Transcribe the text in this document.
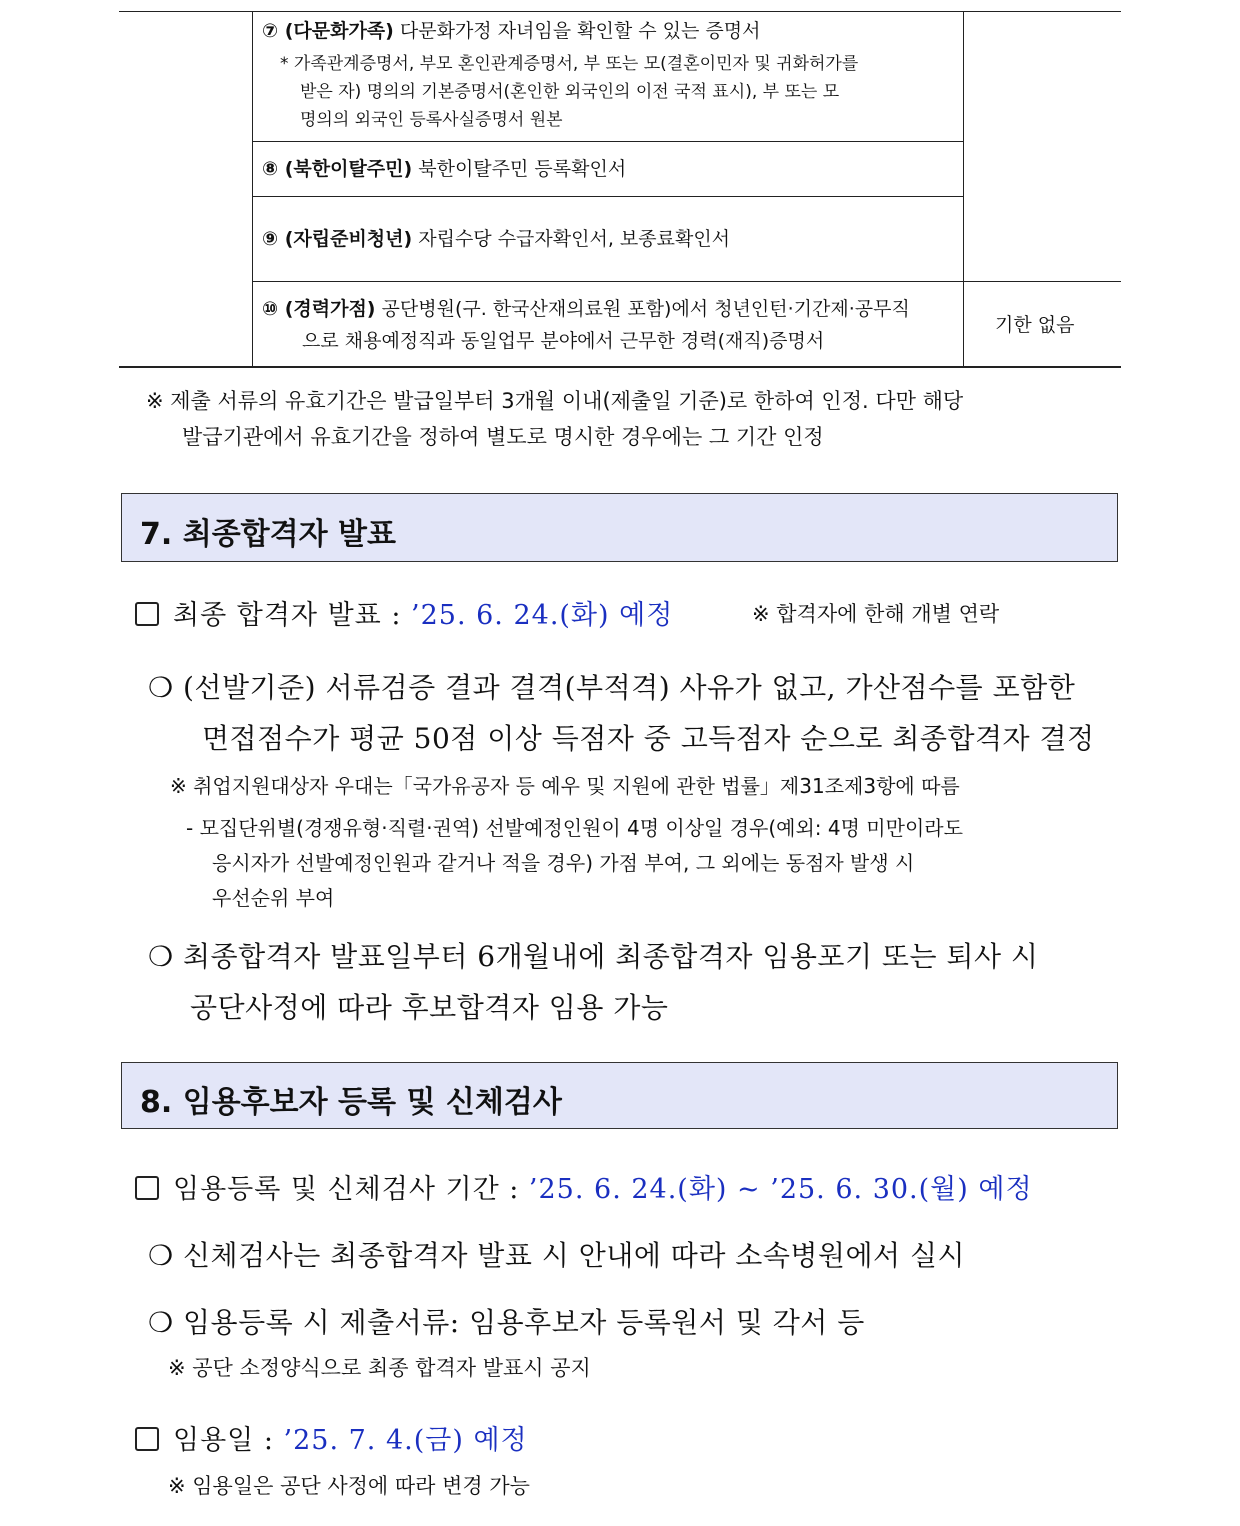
⑦ (다문화가족) 다문화가정 자녀임을 확인할 수 있는 증명서
* 가족관계증명서, 부모 혼인관계증명서, 부 또는 모(결혼이민자 및 귀화허가를
받은 자) 명의의 기본증명서(혼인한 외국인의 이전 국적 표시), 부 또는 모
명의의 외국인 등록사실증명서 원본
⑧ (북한이탈주민) 북한이탈주민 등록확인서
⑨ (자립준비청년) 자립수당 수급자확인서, 보종료확인서
⑩ (경력가점) 공단병원(구. 한국산재의료원 포함)에서 청년인턴·기간제·공무직
으로 채용예정직과 동일업무 분야에서 근무한 경력(재직)증명서
기한 없음
※ 제출 서류의 유효기간은 발급일부터 3개월 이내(제출일 기준)로 한하여 인정. 다만 해당
발급기관에서 유효기간을 정하여 별도로 명시한 경우에는 그 기간 인정
7. 최종합격자 발표
최종 합격자 발표 : ’25. 6. 24.(화) 예정	※ 합격자에 한해 개별 연락
❍ (선발기준) 서류검증 결과 결격(부적격) 사유가 없고, 가산점수를 포함한
면접점수가 평균 50점 이상 득점자 중 고득점자 순으로 최종합격자 결정
※ 취업지원대상자 우대는「국가유공자 등 예우 및 지원에 관한 법률」제31조제3항에 따름
- 모집단위별(경쟁유형·직렬·권역) 선발예정인원이 4명 이상일 경우(예외: 4명 미만이라도
응시자가 선발예정인원과 같거나 적을 경우) 가점 부여, 그 외에는 동점자 발생 시
우선순위 부여
❍ 최종합격자 발표일부터 6개월내에 최종합격자 임용포기 또는 퇴사 시
공단사정에 따라 후보합격자 임용 가능
8. 임용후보자 등록 및 신체검사
임용등록 및 신체검사 기간 : ’25. 6. 24.(화) ~ ’25. 6. 30.(월) 예정
❍ 신체검사는 최종합격자 발표 시 안내에 따라 소속병원에서 실시
❍ 임용등록 시 제출서류: 임용후보자 등록원서 및 각서 등
※ 공단 소정양식으로 최종 합격자 발표시 공지
임용일 : ’25. 7. 4.(금) 예정
※ 임용일은 공단 사정에 따라 변경 가능
